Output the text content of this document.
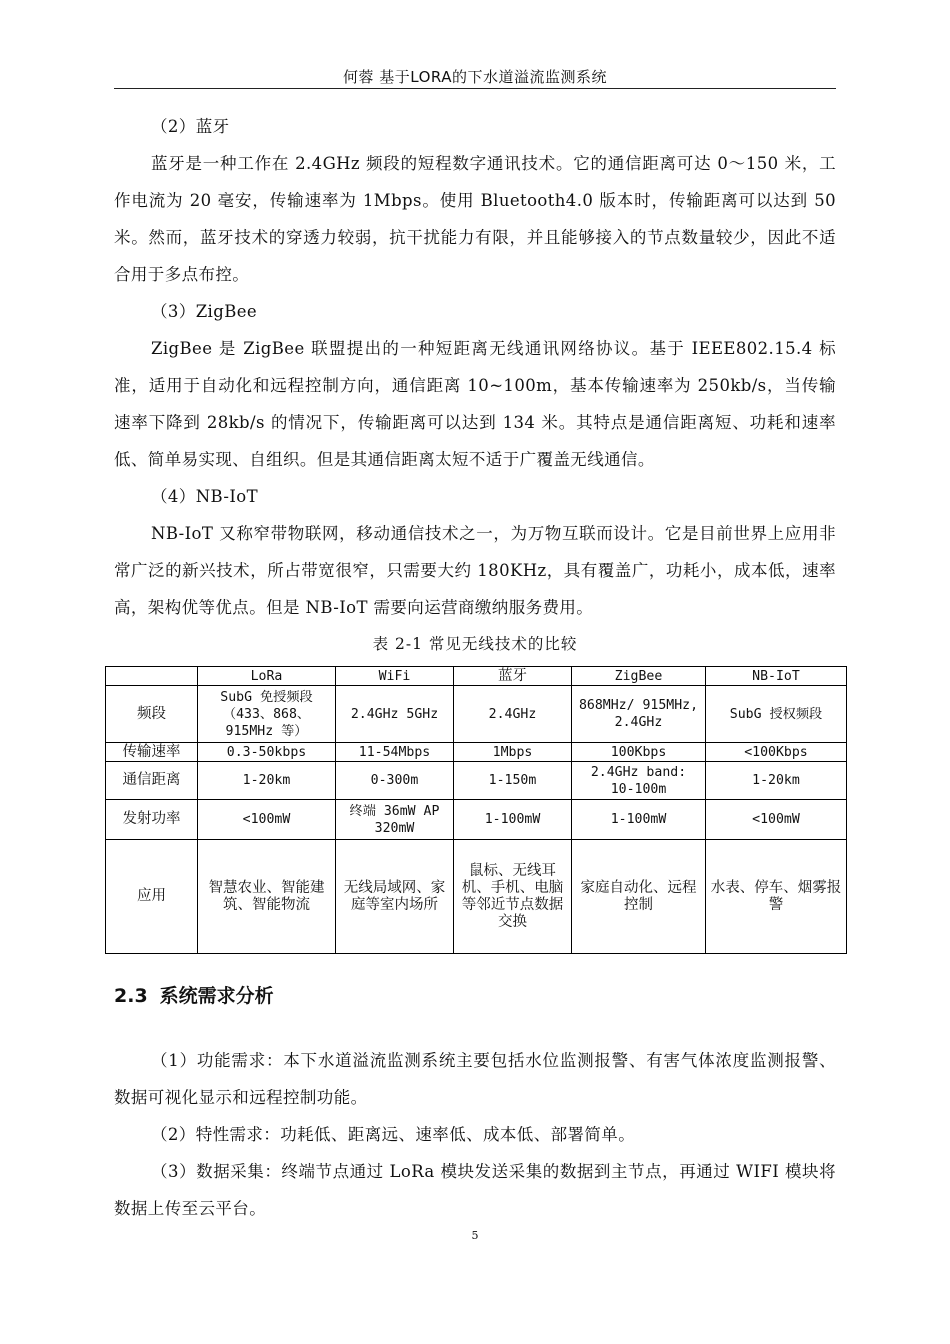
何蓉 基于LORA的下水道溢流监测系统

（2）蓝牙

蓝牙是一种工作在 2.4GHz 频段的短程数字通讯技术。它的通信距离可达 0～150 米，工作电流为 20 毫安，传输速率为 1Mbps。使用 Bluetooth4.0 版本时，传输距离可以达到 50 米。然而，蓝牙技术的穿透力较弱，抗干扰能力有限，并且能够接入的节点数量较少，因此不适合用于多点布控。

（3）ZigBee

ZigBee 是 ZigBee 联盟提出的一种短距离无线通讯网络协议。基于 IEEE802.15.4 标准，适用于自动化和远程控制方向，通信距离 10~100m，基本传输速率为 250kb/s，当传输速率下降到 28kb/s 的情况下，传输距离可以达到 134 米。其特点是通信距离短、功耗和速率低、简单易实现、自组织。但是其通信距离太短不适于广覆盖无线通信。

（4）NB-IoT

NB-IoT 又称窄带物联网，移动通信技术之一，为万物互联而设计。它是目前世界上应用非常广泛的新兴技术，所占带宽很窄，只需要大约 180KHz，具有覆盖广，功耗小，成本低，速率高，架构优等优点。但是 NB-IoT 需要向运营商缴纳服务费用。

表 2-1 常见无线技术的比较
	LoRa	WiFi	蓝牙	ZigBee	NB-IoT
频段	SubG 免授频段（433、868、915MHz 等）	2.4GHz 5GHz	2.4GHz	868MHz/ 915MHz, 2.4GHz	SubG 授权频段
传输速率	0.3-50kbps	11-54Mbps	1Mbps	100Kbps	<100Kbps
通信距离	1-20km	0-300m	1-150m	2.4GHz band: 10-100m	1-20km
发射功率	<100mW	终端 36mW AP 320mW	1-100mW	1-100mW	<100mW
应用	智慧农业、智能建筑、智能物流	无线局域网、家庭等室内场所	鼠标、无线耳机、手机、电脑等邻近节点数据交换	家庭自动化、远程控制	水表、停车、烟雾报警
2.3 系统需求分析

（1）功能需求：本下水道溢流监测系统主要包括水位监测报警、有害气体浓度监测报警、数据可视化显示和远程控制功能。

（2）特性需求：功耗低、距离远、速率低、成本低、部署简单。

（3）数据采集：终端节点通过 LoRa 模块发送采集的数据到主节点，再通过 WIFI 模块将数据上传至云平台。

5
